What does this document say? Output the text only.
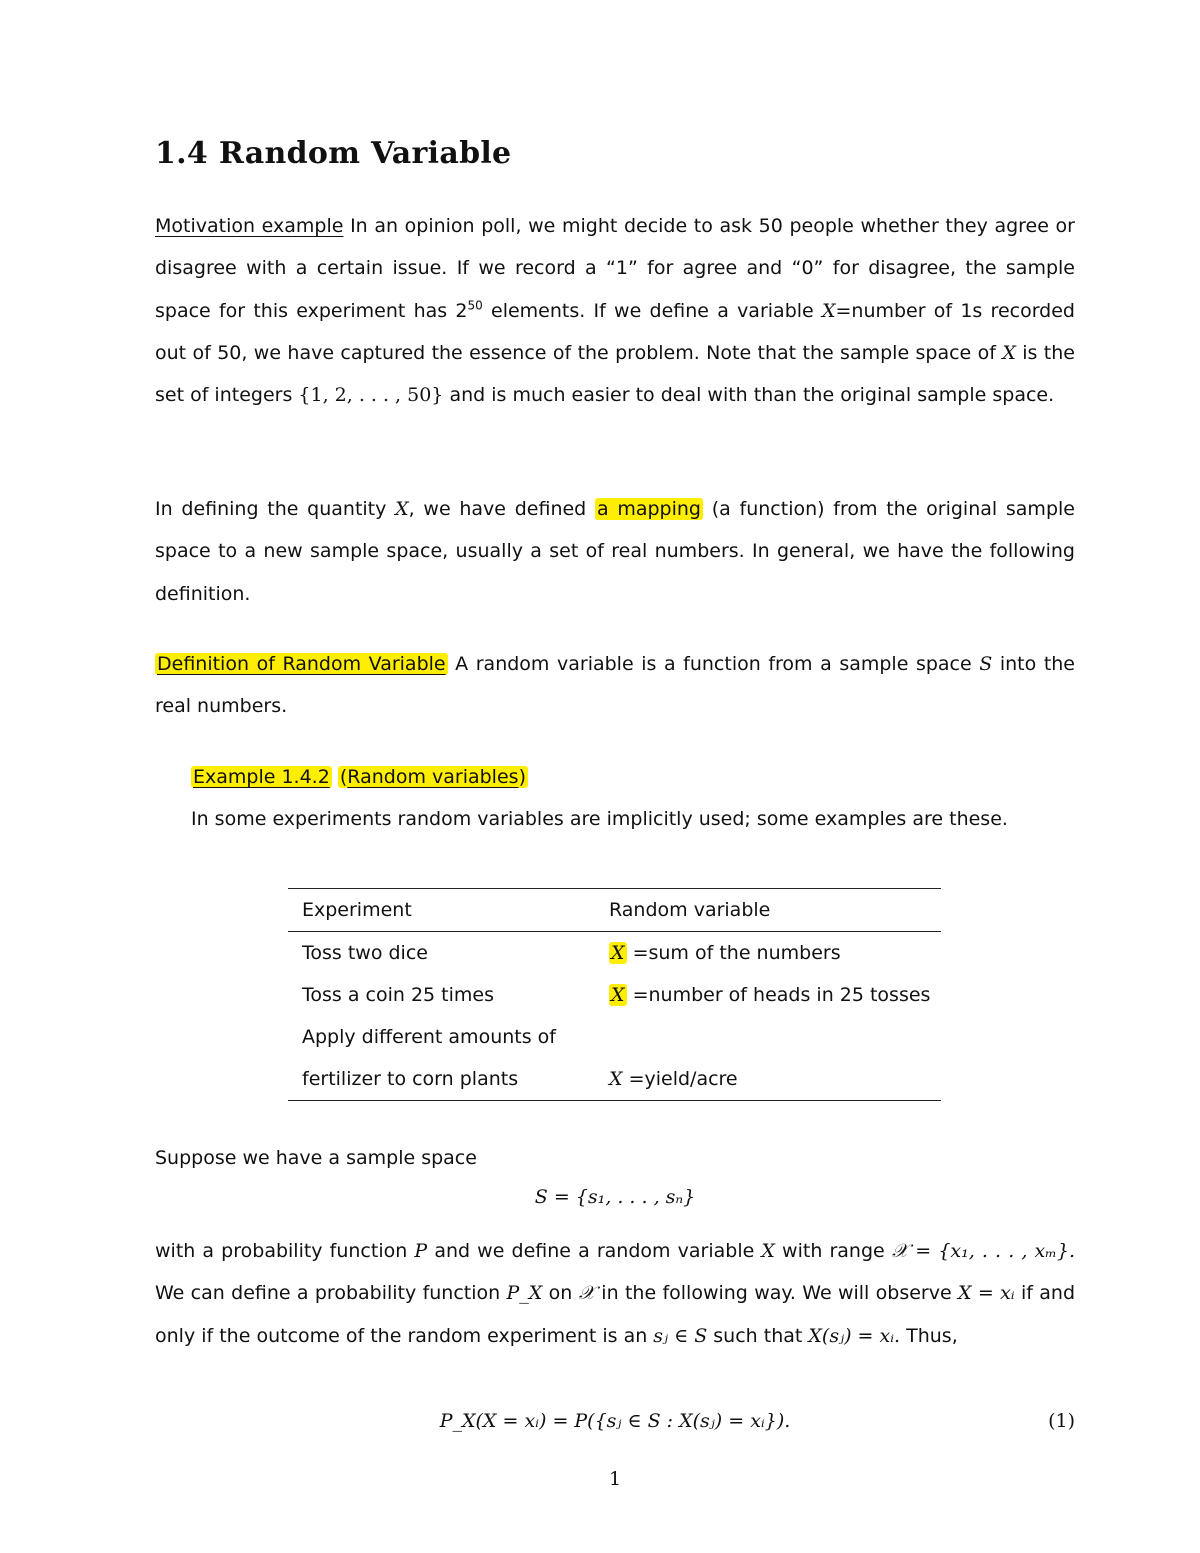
1.4 Random Variable

Motivation example In an opinion poll, we might decide to ask 50 people whether they agree or disagree with a certain issue. If we record a “1” for agree and “0” for disagree, the sample space for this experiment has $2^{50}$ elements. If we define a variable X=number of 1s recorded out of 50, we have captured the essence of the problem. Note that the sample space of X is the set of integers {1, 2, . . . , 50} and is much easier to deal with than the original sample space.

In defining the quantity X, we have defined a mapping (a function) from the original sample space to a new sample space, usually a set of real numbers. In general, we have the following definition.

Definition of Random Variable A random variable is a function from a sample space S into the real numbers.

Example 1.4.2 (Random variables)
In some experiments random variables are implicitly used; some examples are these.

Experiment	Random variable
Toss two dice	X =sum of the numbers
Toss a coin 25 times	X =number of heads in 25 tosses
Apply different amounts of	
fertilizer to corn plants	X =yield/acre

Suppose we have a sample space

S = {s₁, . . . , sₙ}

with a probability function P and we define a random variable X with range 𝒳 = {x₁, . . . , xₘ}. We can define a probability function P_X on 𝒳 in the following way. We will observe X = xᵢ if and only if the outcome of the random experiment is an sⱼ ∈ S such that X(sⱼ) = xᵢ. Thus,

P_X(X = xᵢ) = P({sⱼ ∈ S : X(sⱼ) = xᵢ}).	(1)
1
